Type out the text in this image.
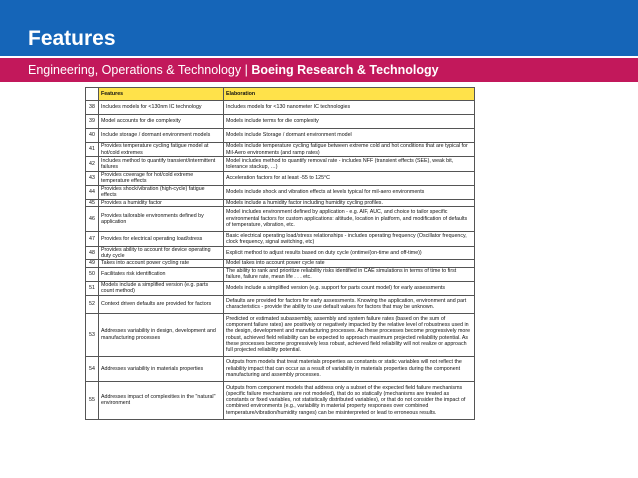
Features
Engineering, Operations & Technology | Boeing Research & Technology
	Features	Elaboration
38	Includes models for <130nm IC technology	Includes models for <130 nanometer IC technologies
39	Model accounts for die complexity	Models include terms for die complexity
40	Include storage / dormant environment models	Models include Storage / dormant environment model
41	Provides temperature cycling fatigue model at hot/cold extremes	Models include temperature cycling fatigue between extreme cold and hot conditions that are typical for Mil-Aero environments (and ramp rates)
42	Includes method to quantify transient/intermittent failures	Model includes method to quantify removal rate - includes NFF (transient effects (SEE), weak bit, tolerance stackup, …)
43	Provides coverage for hot/cold extreme temperature effects	Acceleration factors for at least -55 to 125°C
44	Provides shock/vibration (high-cycle) fatigue effects	Models include shock and vibration effects at levels typical for mil-aero environments
45	Provides a humidity factor	Models include a humidity factor including humidity cycling profiles.
46	Provides tailorable environments defined by application	Model includes environment defined by application - e.g. AIF, AUC, and choice to tailor specific environmental factors for custom applications: altitude, location in platform, and modification of defaults of temperature, vibration, etc.
47	Provides for electrical operating load/stress	Basic electrical operating load/stress relationships - includes operating frequency (Oscillator frequency, clock frequency, signal switching, etc)
48	Provides ability to account for device operating duty cycle	Explicit method to adjust results based on duty cycle (ontime/(on-time and off-time))
49	Takes into account power cycling rate	Model takes into account power cycle rate
50	Facilitates risk identification	The ability to rank and prioritize reliability risks identified in CAE simulations in terms of time to first failure, failure rate, mean life . . . etc.
51	Models include a simplified version (e.g. parts count method)	Models include a simplified version (e.g. support for parts count model) for early assessments
52	Context driven defaults are provided for factors	Defaults are provided for factors for early assessments. Knowing the application, environment and part characteristics - provide the ability to use default values for factors that may be unknown.
53	Addresses variability in design, development and manufacturing processes	Predicted or estimated subassembly, assembly and system failure rates (based on the sum of component failure rates) are positively or negatively impacted by the relative level of robustness used in the design, development and manufacturing processes. As these processes become progressively more robust, achieved field reliability can be expected to approach maximum projected reliability potential. As these processes become progressively less robust, achieved field reliability will not realize or approach full projected reliability potential.
54	Addresses variability in materials properties	Outputs from models that treat materials properties as constants or static variables will not reflect the reliability impact that can occur as a result of variability in materials properties during the component manufacturing and assembly processes.
55	Addresses impact of complexities in the "natural" environment	Outputs from component models that address only a subset of the expected field failure mechanisms (specific failure mechanisms are not modeled), that do so statically (mechanisms are treated as constants or fixed variables, not statistically distributed variables), or that do not consider the impact of combined environments (e.g., variability in material property responses over combined temperature/vibration/humidity ranges) can be misinterpreted or lead to erroneous results.
